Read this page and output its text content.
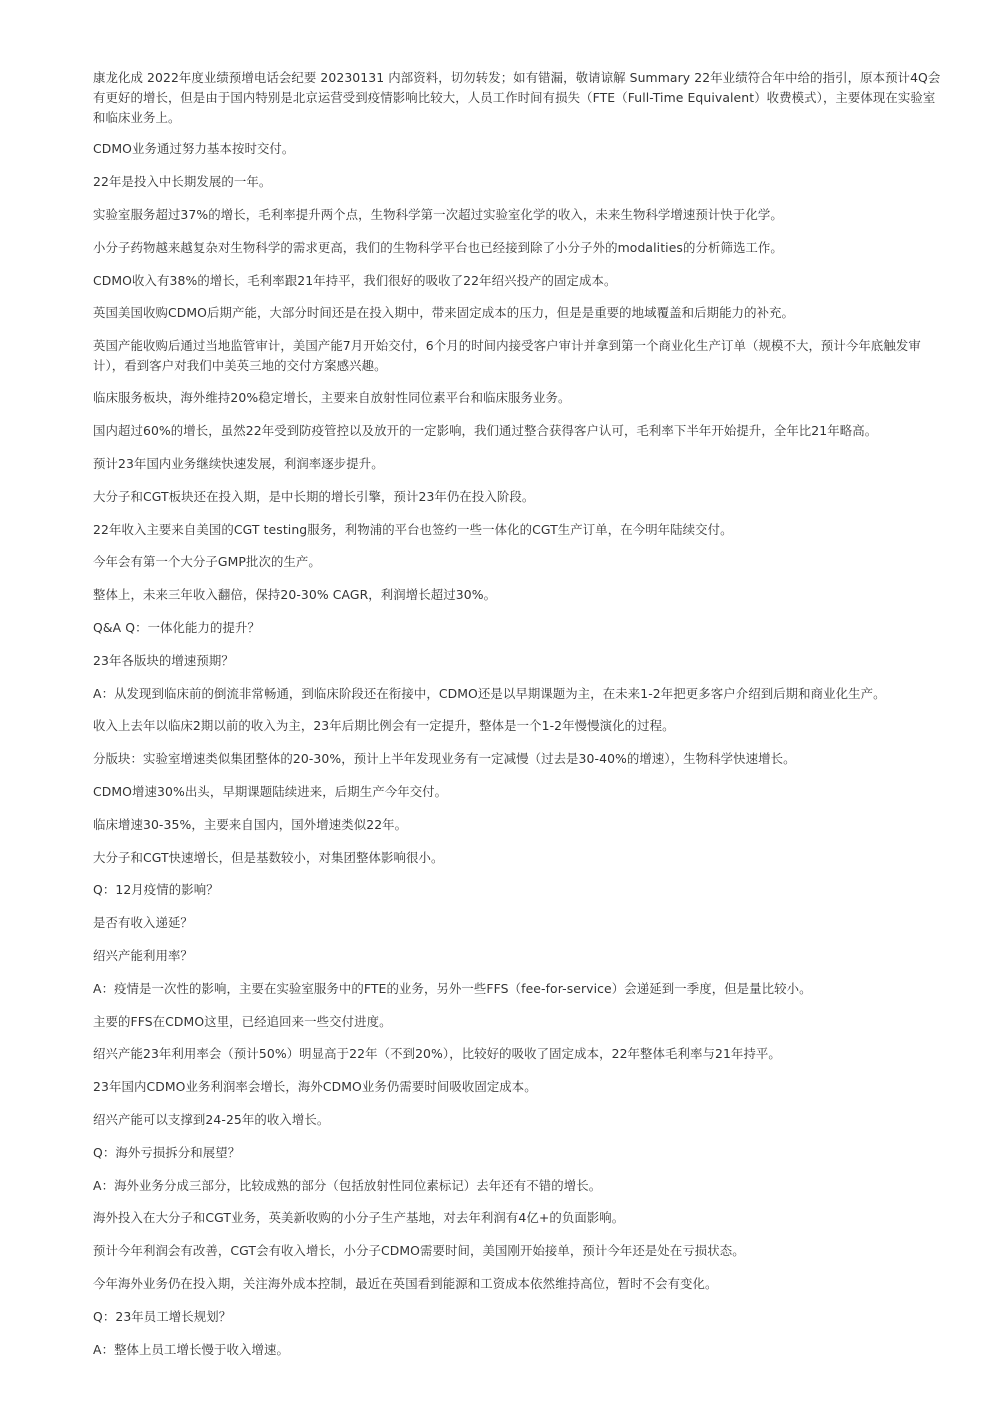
康龙化成 2022年度业绩预增电话会纪要 20230131 内部资料，切勿转发；如有错漏，敬请谅解 Summary 22年业绩符合年中给的指引，原本预计4Q会有更好的增长，但是由于国内特别是北京运营受到疫情影响比较大，人员工作时间有损失（FTE（Full-Time Equivalent）收费模式），主要体现在实验室和临床业务上。

CDMO业务通过努力基本按时交付。

22年是投入中长期发展的一年。

实验室服务超过37%的增长，毛利率提升两个点，生物科学第一次超过实验室化学的收入，未来生物科学增速预计快于化学。

小分子药物越来越复杂对生物科学的需求更高，我们的生物科学平台也已经接到除了小分子外的modalities的分析筛选工作。

CDMO收入有38%的增长，毛利率跟21年持平，我们很好的吸收了22年绍兴投产的固定成本。

英国美国收购CDMO后期产能，大部分时间还是在投入期中，带来固定成本的压力，但是是重要的地域覆盖和后期能力的补充。

英国产能收购后通过当地监管审计，美国产能7月开始交付，6个月的时间内接受客户审计并拿到第一个商业化生产订单（规模不大，预计今年底触发审计），看到客户对我们中美英三地的交付方案感兴趣。

临床服务板块，海外维持20%稳定增长，主要来自放射性同位素平台和临床服务业务。

国内超过60%的增长，虽然22年受到防疫管控以及放开的一定影响，我们通过整合获得客户认可，毛利率下半年开始提升，全年比21年略高。

预计23年国内业务继续快速发展，利润率逐步提升。

大分子和CGT板块还在投入期，是中长期的增长引擎，预计23年仍在投入阶段。

22年收入主要来自美国的CGT testing服务，利物浦的平台也签约一些一体化的CGT生产订单，在今明年陆续交付。

今年会有第一个大分子GMP批次的生产。

整体上，未来三年收入翻倍，保持20-30% CAGR，利润增长超过30%。

Q&A Q：一体化能力的提升？

23年各版块的增速预期？

A：从发现到临床前的倒流非常畅通，到临床阶段还在衔接中，CDMO还是以早期课题为主，在未来1-2年把更多客户介绍到后期和商业化生产。

收入上去年以临床2期以前的收入为主，23年后期比例会有一定提升，整体是一个1-2年慢慢演化的过程。

分版块：实验室增速类似集团整体的20-30%，预计上半年发现业务有一定减慢（过去是30-40%的增速），生物科学快速增长。

CDMO增速30%出头，早期课题陆续进来，后期生产今年交付。

临床增速30-35%，主要来自国内，国外增速类似22年。

大分子和CGT快速增长，但是基数较小，对集团整体影响很小。

Q：12月疫情的影响？

是否有收入递延？

绍兴产能利用率？

A：疫情是一次性的影响，主要在实验室服务中的FTE的业务，另外一些FFS（fee-for-service）会递延到一季度，但是量比较小。

主要的FFS在CDMO这里，已经追回来一些交付进度。

绍兴产能23年利用率会（预计50%）明显高于22年（不到20%），比较好的吸收了固定成本，22年整体毛利率与21年持平。

23年国内CDMO业务利润率会增长，海外CDMO业务仍需要时间吸收固定成本。

绍兴产能可以支撑到24-25年的收入增长。

Q：海外亏损拆分和展望？

A：海外业务分成三部分，比较成熟的部分（包括放射性同位素标记）去年还有不错的增长。

海外投入在大分子和CGT业务，英美新收购的小分子生产基地，对去年利润有4亿+的负面影响。

预计今年利润会有改善，CGT会有收入增长，小分子CDMO需要时间，美国刚开始接单，预计今年还是处在亏损状态。

今年海外业务仍在投入期，关注海外成本控制，最近在英国看到能源和工资成本依然维持高位，暂时不会有变化。

Q：23年员工增长规划？

A：整体上员工增长慢于收入增速。
